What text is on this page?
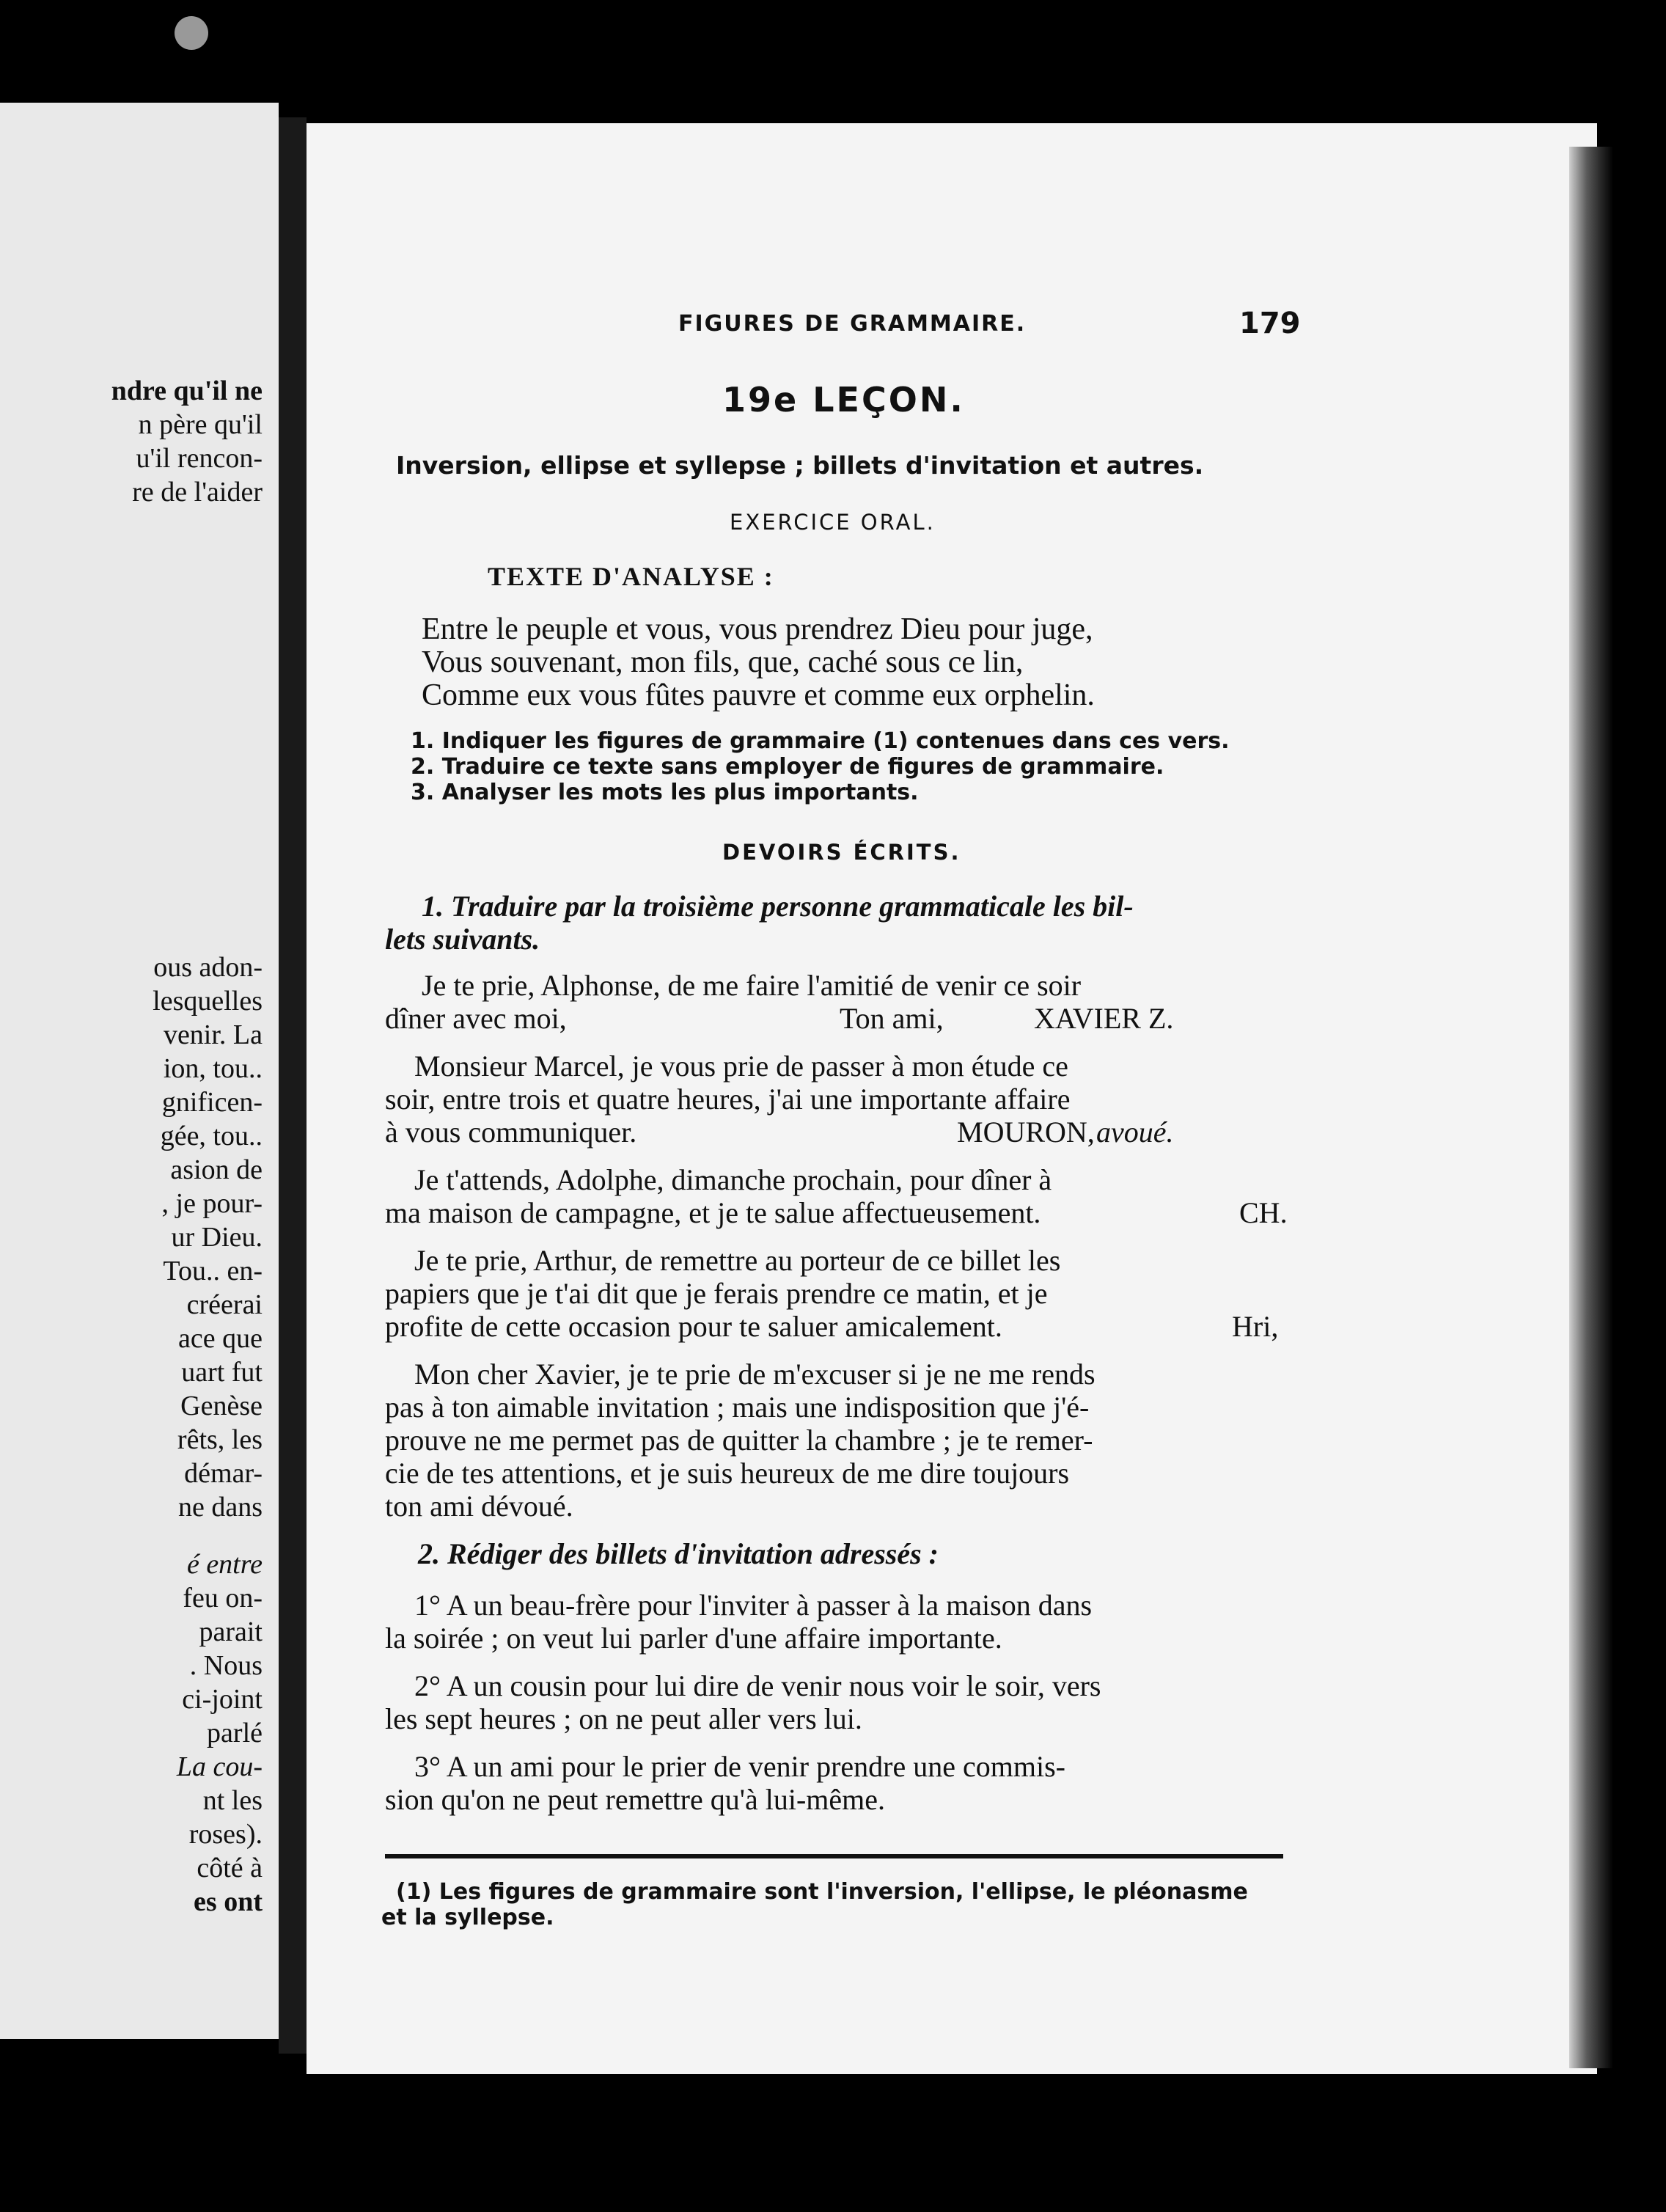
ndre qu'il ne
n père qu'il
u'il rencon-
re de l'aider
ous adon-
lesquelles
venir. La
ion, tou..
gnificen-
gée, tou..
asion de
, je pour-
ur Dieu.
Tou.. en-
créerai
ace que
uart fut
Genèse
rêts, les
démar-
ne dans
é entre
feu on-
parait
. Nous
ci-joint
parlé
La cou-
nt les
roses).
côté à
es ont
FIGURES DE GRAMMAIRE.	179
19e LEÇON.
Inversion, ellipse et syllepse ; billets d'invitation et autres.
EXERCICE ORAL.
TEXTE D'ANALYSE :
Entre le peuple et vous, vous prendrez Dieu pour juge,
Vous souvenant, mon fils, que, caché sous ce lin,
Comme eux vous fûtes pauvre et comme eux orphelin.
1. Indiquer les figures de grammaire (1) contenues dans ces vers.
2. Traduire ce texte sans employer de figures de grammaire.
3. Analyser les mots les plus importants.
DEVOIRS ÉCRITS.
1. Traduire par la troisième personne grammaticale les bil-
lets suivants.
Je te prie, Alphonse, de me faire l'amitié de venir ce soir
dîner avec moi,	Ton ami,	XAVIER Z.
Monsieur Marcel, je vous prie de passer à mon étude ce
soir, entre trois et quatre heures, j'ai une importante affaire
à vous communiquer.	MOURON, avoué.
Je t'attends, Adolphe, dimanche prochain, pour dîner à
ma maison de campagne, et je te salue affectueusement.	CH.
Je te prie, Arthur, de remettre au porteur de ce billet les
papiers que je t'ai dit que je ferais prendre ce matin, et je
profite de cette occasion pour te saluer amicalement.	Hri,
Mon cher Xavier, je te prie de m'excuser si je ne me rends
pas à ton aimable invitation ; mais une indisposition que j'é-
prouve ne me permet pas de quitter la chambre ; je te remer-
cie de tes attentions, et je suis heureux de me dire toujours
ton ami dévoué.
2. Rédiger des billets d'invitation adressés :
1° A un beau-frère pour l'inviter à passer à la maison dans
la soirée ; on veut lui parler d'une affaire importante.
2° A un cousin pour lui dire de venir nous voir le soir, vers
les sept heures ; on ne peut aller vers lui.
3° A un ami pour le prier de venir prendre une commis-
sion qu'on ne peut remettre qu'à lui-même.
(1) Les figures de grammaire sont l'inversion, l'ellipse, le pléonasme
et la syllepse.
